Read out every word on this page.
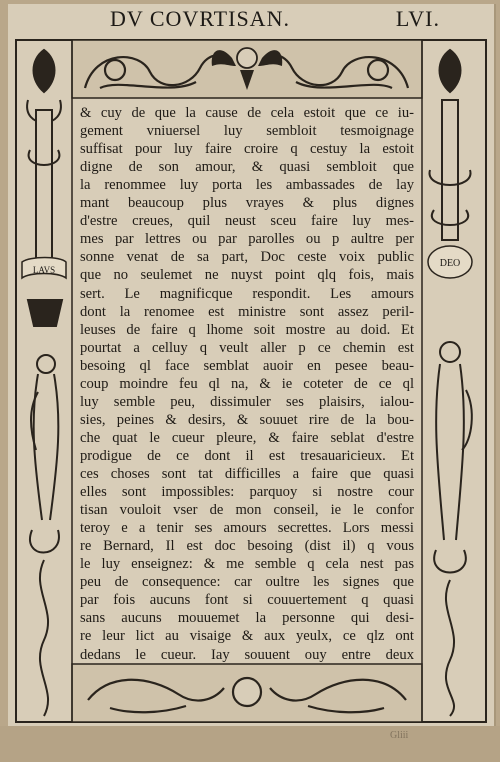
DV COVRTISAN.	LVI.
LAVS
DEO
& cuy de que la cause de cela estoit que ce iu-
gement vniuersel luy sembloit tesmoignage
suffisat pour luy faire croire q cestuy la estoit
digne de son amour, & quasi sembloit que
la renommee luy porta les ambassades de lay
mant beaucoup plus vrayes & plus dignes
d'estre creues, quil neust sceu faire luy mes-
mes par lettres ou par parolles ou p aultre per
sonne venat de sa part, Doc ceste voix public
que no seulemet ne nuyst point qlq fois, mais
sert. Le magnificque respondit. Les amours
dont la renomee est ministre sont assez peril-
leuses de faire q lhome soit mostre au doid. Et
pourtat a celluy q veult aller p ce chemin est
besoing ql face semblat auoir en pesee beau-
coup moindre feu ql na, & ie coteter de ce ql
luy semble peu, dissimuler ses plaisirs, ialou-
sies, peines & desirs, & souuet rire de la bou-
che quat le cueur pleure, & faire seblat d'estre
prodigue de ce dont il est tresauaricieux. Et
ces choses sont tat difficilles a faire que quasi
elles sont impossibles: parquoy si nostre cour
tisan vouloit vser de mon conseil, ie le confor
teroy e a tenir ses amours secrettes. Lors messi
re Bernard, Il est doc besoing (dist il) q vous
le luy enseignez: & me semble q cela nest pas
peu de consequence: car oultre les signes que
par fois aucuns font si couuertement q quasi
sans aucuns mouuemet la personne qui desi-
re leur lict au visaige & aux yeulx, ce qlz ont
dedans le cueur. Iay souuent ouy entre deux
Gliii
